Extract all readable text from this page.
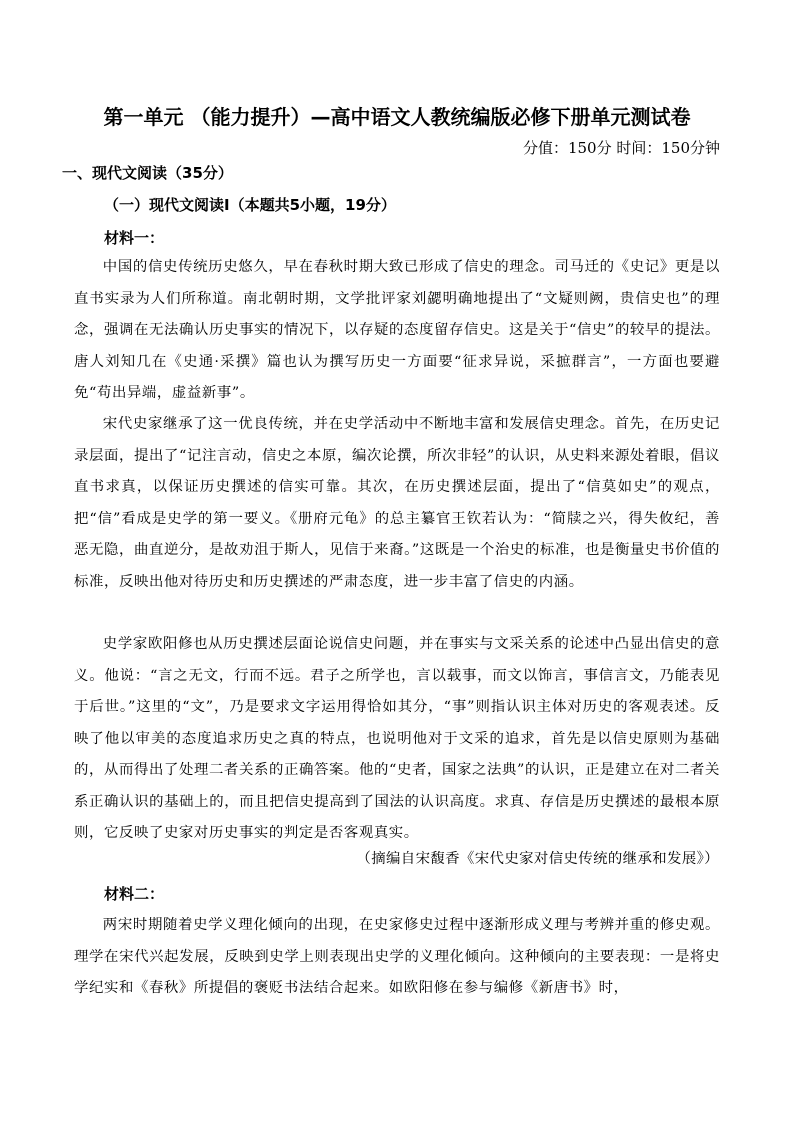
第一单元 （能力提升）—高中语文人教统编版必修下册单元测试卷
分值：150分 时间：150分钟
一、现代文阅读（35分）
（一）现代文阅读Ⅰ（本题共5小题，19分）
材料一：

中国的信史传统历史悠久，早在春秋时期大致已形成了信史的理念。司马迁的《史记》更是以直书实录为人们所称道。南北朝时期，文学批评家刘勰明确地提出了“文疑则阙，贵信史也”的理念，强调在无法确认历史事实的情况下，以存疑的态度留存信史。这是关于“信史”的较早的提法。唐人刘知几在《史通·采撰》篇也认为撰写历史一方面要“征求异说，采摭群言”，一方面也要避免“苟出异端，虚益新事”。

宋代史家继承了这一优良传统，并在史学活动中不断地丰富和发展信史理念。首先，在历史记录层面，提出了“记注言动，信史之本原，编次论撰，所次非轻”的认识，从史料来源处着眼，倡议直书求真，以保证历史撰述的信实可靠。其次，在历史撰述层面，提出了“信莫如史”的观点，把“信”看成是史学的第一要义。《册府元龟》的总主纂官王钦若认为：“简牍之兴，得失攸纪，善恶无隐，曲直逆分，是故劝沮于斯人，见信于来裔。”这既是一个治史的标准，也是衡量史书价值的标准，反映出他对待历史和历史撰述的严肃态度，进一步丰富了信史的内涵。

史学家欧阳修也从历史撰述层面论说信史问题，并在事实与文采关系的论述中凸显出信史的意义。他说：“言之无文，行而不远。君子之所学也，言以载事，而文以饰言，事信言文，乃能表见于后世。”这里的“文”，乃是要求文字运用得恰如其分，“事”则指认识主体对历史的客观表述。反映了他以审美的态度追求历史之真的特点，也说明他对于文采的追求，首先是以信史原则为基础的，从而得出了处理二者关系的正确答案。他的“史者，国家之法典”的认识，正是建立在对二者关系正确认识的基础上的，而且把信史提高到了国法的认识高度。求真、存信是历史撰述的最根本原则，它反映了史家对历史事实的判定是否客观真实。

（摘编自宋馥香《宋代史家对信史传统的继承和发展》）

材料二：

两宋时期随着史学义理化倾向的出现，在史家修史过程中逐渐形成义理与考辨并重的修史观。理学在宋代兴起发展，反映到史学上则表现出史学的义理化倾向。这种倾向的主要表现：一是将史学纪实和《春秋》所提倡的褒贬书法结合起来。如欧阳修在参与编修《新唐书》时，
